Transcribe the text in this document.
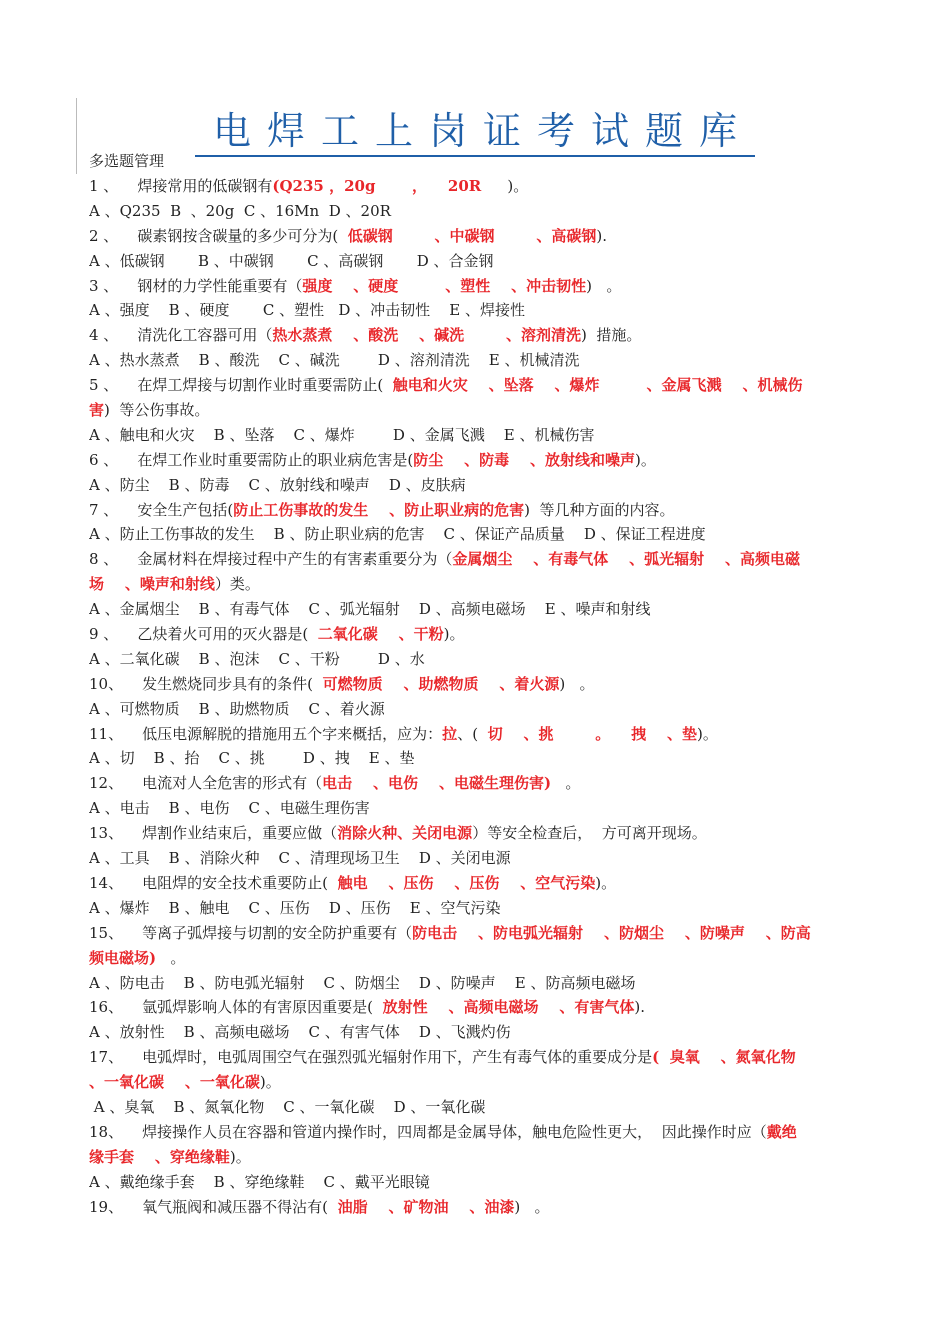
电焊工上岗证考试题库
多选题管理
1 、    焊接常用的低碳钢有(Q235 ，20g       ，    20R     )。
A 、Q235  B  、20g  C 、16Mn  D 、20R
2 、    碳素钢按含碳量的多少可分为(  低碳钢        、中碳钢        、高碳钢).
A 、低碳钢       B 、中碳钢       C 、高碳钢       D 、合金钢
3 、    钢材的力学性能重要有（强度    、硬度         、塑性    、冲击韧性)   。
A 、强度    B 、硬度       C 、塑性   D 、冲击韧性    E 、焊接性
4 、    清洗化工容器可用（热水蒸煮    、酸洗    、碱洗        、溶剂清洗)  措施。
A 、热水蒸煮    B 、酸洗    C 、碱洗        D 、溶剂清洗    E 、机械清洗
5 、    在焊工焊接与切割作业时重要需防止(  触电和火灾    、坠落    、爆炸         、金属飞溅    、机械伤
害)  等公伤事故。
A 、触电和火灾    B 、坠落    C 、爆炸        D 、金属飞溅    E 、机械伤害
6 、    在焊工作业时重要需防止的职业病危害是(防尘    、防毒    、放射线和噪声)。
A 、防尘    B 、防毒    C 、放射线和噪声    D 、皮肤病
7 、    安全生产包括(防止工伤事故的发生    、防止职业病的危害)  等几种方面的内容。
A 、防止工伤事故的发生    B 、防止职业病的危害    C 、保证产品质量    D 、保证工程进度
8 、    金属材料在焊接过程中产生的有害素重要分为（金属烟尘    、有毒气体    、弧光辐射    、高频电磁
场    、噪声和射线）类。
A 、金属烟尘    B 、有毒气体    C 、弧光辐射    D 、高频电磁场    E 、噪声和射线
9 、    乙炔着火可用的灭火器是(  二氧化碳    、干粉)。
A 、二氧化碳    B 、泡沫    C 、干粉        D 、水
10、    发生燃烧同步具有的条件(  可燃物质    、助燃物质    、着火源)   。
A 、可燃物质    B 、助燃物质    C 、着火源
11、    低压电源解脱的措施用五个字来概括，应为：拉、(  切    、挑        。    拽    、垫)。
A 、切    B 、抬    C 、挑        D 、拽    E 、垫
12、    电流对人全危害的形式有（电击    、电伤    、电磁生理伤害)   。
A 、电击    B 、电伤    C 、电磁生理伤害
13、    焊割作业结束后，重要应做（消除火种、关闭电源）等安全检查后，  方可离开现场。
A 、工具    B 、消除火种    C 、清理现场卫生    D 、关闭电源
14、    电阻焊的安全技术重要防止(  触电    、压伤    、压伤    、空气污染)。
A 、爆炸    B 、触电    C 、压伤    D 、压伤    E 、空气污染
15、    等离子弧焊接与切割的安全防护重要有（防电击    、防电弧光辐射    、防烟尘    、防噪声    、防高
频电磁场)   。
A 、防电击    B 、防电弧光辐射    C 、防烟尘    D 、防噪声    E 、防高频电磁场
16、    氩弧焊影响人体的有害原因重要是(  放射性    、高频电磁场    、有害气体).
A 、放射性    B 、高频电磁场    C 、有害气体    D 、飞溅灼伤
17、    电弧焊时，电弧周围空气在强烈弧光辐射作用下，产生有毒气体的重要成分是(  臭氧    、氮氧化物
、一氧化碳    、一氧化碳)。
A 、臭氧    B 、氮氧化物    C 、一氧化碳    D 、一氧化碳
18、    焊接操作人员在容器和管道内操作时，四周都是金属导体，触电危险性更大，  因此操作时应（戴绝
缘手套    、穿绝缘鞋)。
A 、戴绝缘手套    B 、穿绝缘鞋    C 、戴平光眼镜
19、    氧气瓶阀和减压器不得沾有(  油脂    、矿物油    、油漆)   。
